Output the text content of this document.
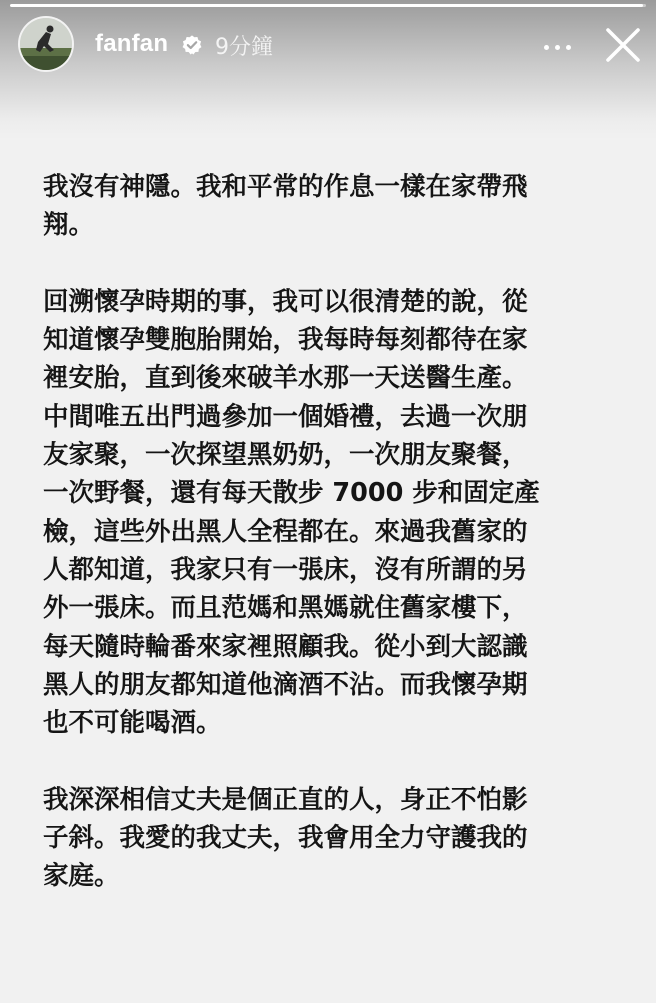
fanfan 9分鐘
我沒有神隱。我和平常的作息一樣在家帶飛
翔。
回溯懷孕時期的事，我可以很清楚的說，從
知道懷孕雙胞胎開始，我每時每刻都待在家
裡安胎，直到後來破羊水那一天送醫生產。
中間唯五出門過參加一個婚禮，去過一次朋
友家聚，一次探望黑奶奶，一次朋友聚餐，
一次野餐，還有每天散步 7000 步和固定產
檢，這些外出黑人全程都在。來過我舊家的
人都知道，我家只有一張床，沒有所謂的另
外一張床。而且范媽和黑媽就住舊家樓下，
每天隨時輪番來家裡照顧我。從小到大認識
黑人的朋友都知道他滴酒不沾。而我懷孕期
也不可能喝酒。
我深深相信丈夫是個正直的人，身正不怕影
子斜。我愛的我丈夫，我會用全力守護我的
家庭。
